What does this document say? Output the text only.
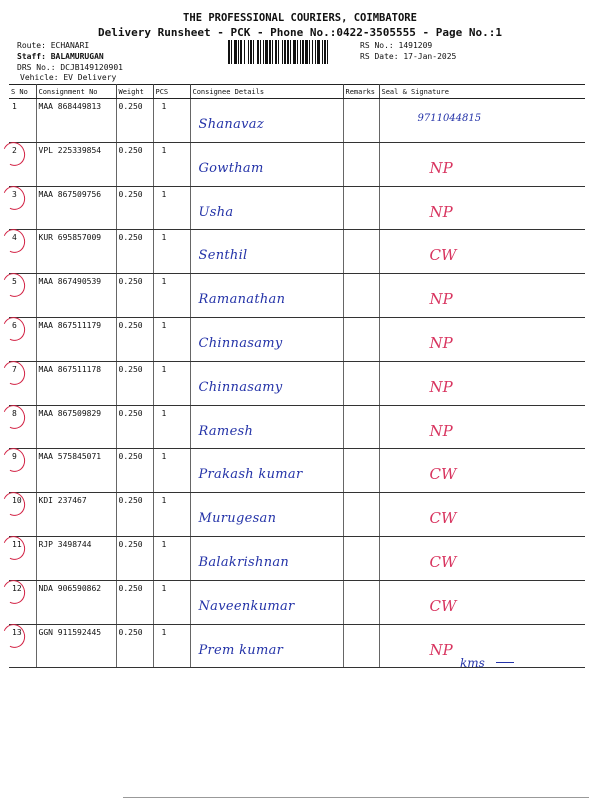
THE PROFESSIONAL COURIERS, COIMBATORE
Delivery Runsheet - PCK - Phone No.:0422-3505555 - Page No.:1
Route: ECHANARI
Staff: BALAMURUGAN
DRS No.: DCJB149120901
Vehicle: EV Delivery
RS No.: 1491209
RS Date: 17-Jan-2025
S No	Consignment No	Weight	PCS	Consignee Details	Remarks	Seal & Signature
1	MAA 868449813	0.250	1	Shanavaz		9711044815

2	VPL 225339854	0.250	1	Gowtham		NP

3	MAA 867509756	0.250	1	Usha		NP

4	KUR 695857009	0.250	1	Senthil		CW

5	MAA 867490539	0.250	1	Ramanathan		NP

6	MAA 867511179	0.250	1	Chinnasamy		NP

7	MAA 867511178	0.250	1	Chinnasamy		NP

8	MAA 867509829	0.250	1	Ramesh		NP

9	MAA 575845071	0.250	1	Prakash kumar		CW

10	KDI 237467	0.250	1	Murugesan		CW

11	RJP 3498744	0.250	1	Balakrishnan		CW

12	NDA 906590862	0.250	1	Naveenkumar		CW

13	GGN 911592445	0.250	1	Prem kumar		NP
kms
